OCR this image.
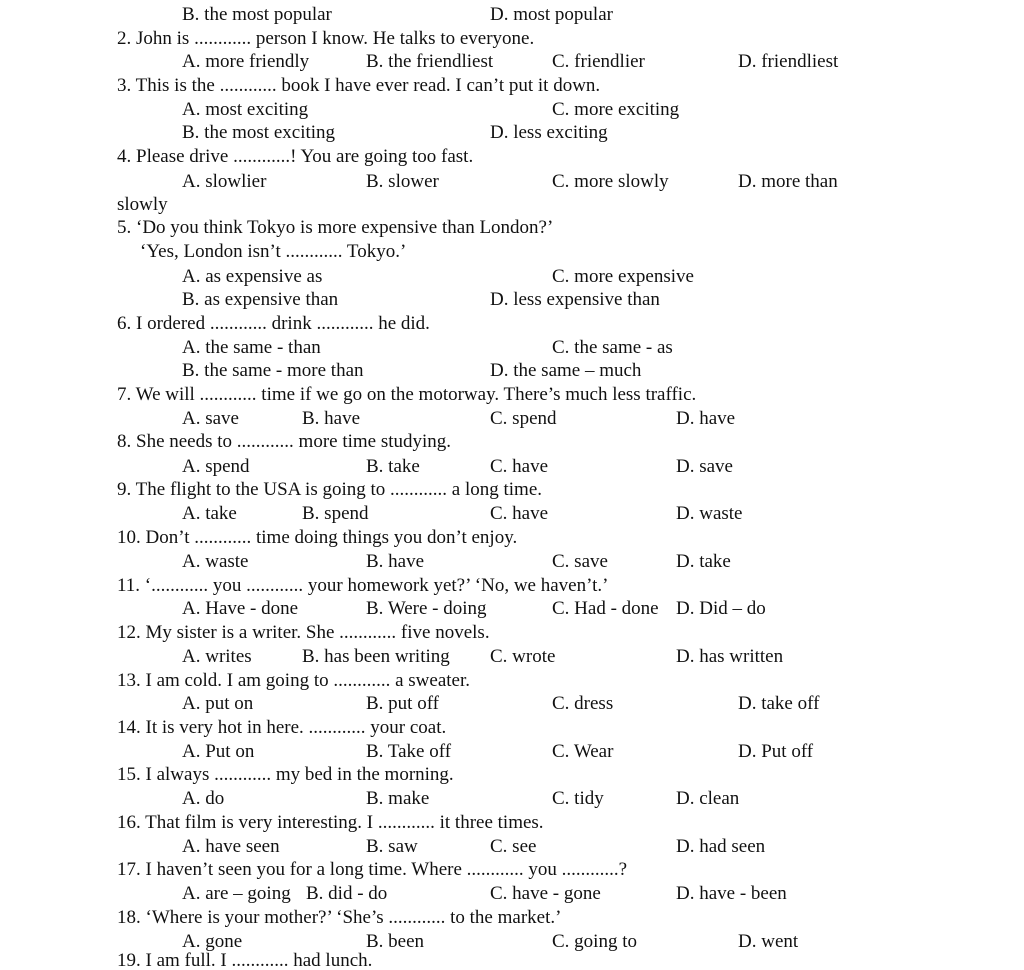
B. the most popular	D. most popular
2. John is ............ person I know. He talks to everyone.
A. more friendly	B. the friendliest	C. friendlier	D. friendliest
3. This is the ............ book I have ever read. I can’t put it down.
A. most exciting	C. more exciting
B. the most exciting	D. less exciting
4. Please drive ............! You are going too fast.
A. slowlier	B. slower	C. more slowly	D. more than
slowly
5. ‘Do you think Tokyo is more expensive than London?’
‘Yes, London isn’t ............ Tokyo.’
A. as expensive as	C. more expensive
B. as expensive than	D. less expensive than
6. I ordered ............ drink ............ he did.
A. the same - than	C. the same - as
B. the same - more than	D. the same – much
7. We will ............ time if we go on the motorway. There’s much less traffic.
A. save	B. have	C. spend	D. have
8. She needs to ............ more time studying.
A. spend	B. take	C. have	D. save
9. The flight to the USA is going to ............ a long time.
A. take	B. spend	C. have	D. waste
10. Don’t ............ time doing things you don’t enjoy.
A. waste	B. have	C. save	D. take
11. ‘............ you ............ your homework yet?’ ‘No, we haven’t.’
A. Have - done	B. Were - doing	C. Had - done D. Did – do
12. My sister is a writer. She ............ five novels.
A. writes	B. has been writing C. wrote	D. has written
13. I am cold. I am going to ............ a sweater.
A. put on	B. put off	C. dress	D. take off
14. It is very hot in here. ............ your coat.
A. Put on	B. Take off	C. Wear	D. Put off
15. I always ............ my bed in the morning.
A. do	B. make	C. tidy	D. clean
16. That film is very interesting. I ............ it three times.
A. have seen	B. saw	C. see	D. had seen
17. I haven’t seen you for a long time. Where ............ you ............?
A. are – going B. did - do	C. have - gone	D. have - been
18. ‘Where is your mother?’ ‘She’s ............ to the market.’
A. gone	B. been	C. going to	D. went
19. I am full. I ............ had lunch.
